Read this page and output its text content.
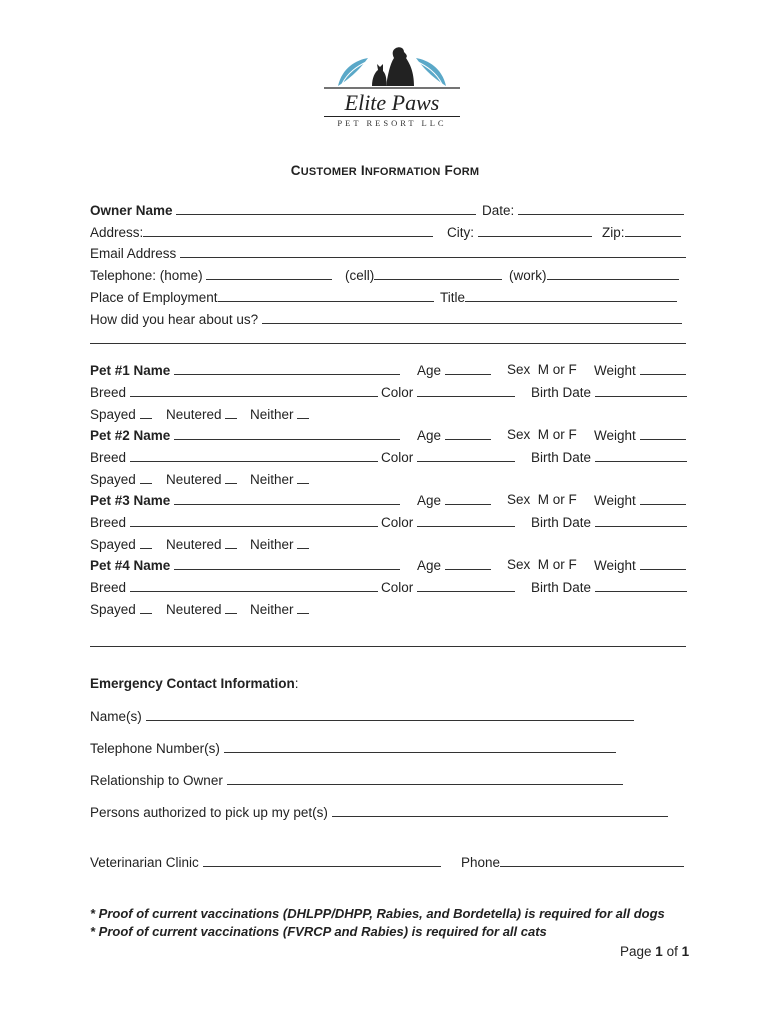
Elite Paws
PET RESORT LLC
CUSTOMER INFORMATION FORM
Owner Name	Date:
Address:	City:	Zip:
Email Address
Telephone: (home)	(cell)	(work)
Place of Employment	Title
How did you hear about us?
Pet #1 Name	Age	Sex M or F Weight
Breed	Color	Birth Date
Spayed	Neutered	Neither
Pet #2 Name	Age	Sex M or F Weight
Breed	Color	Birth Date
Spayed	Neutered	Neither
Pet #3 Name	Age	Sex M or F Weight
Breed	Color	Birth Date
Spayed	Neutered	Neither
Pet #4 Name	Age	Sex M or F Weight
Breed	Color	Birth Date
Spayed	Neutered	Neither
Emergency Contact Information:
Name(s)
Telephone Number(s)
Relationship to Owner
Persons authorized to pick up my pet(s)
Veterinarian Clinic	Phone
* Proof of current vaccinations (DHLPP/DHPP, Rabies, and Bordetella) is required for all dogs
* Proof of current vaccinations (FVRCP and Rabies) is required for all cats
Page 1 of 1
